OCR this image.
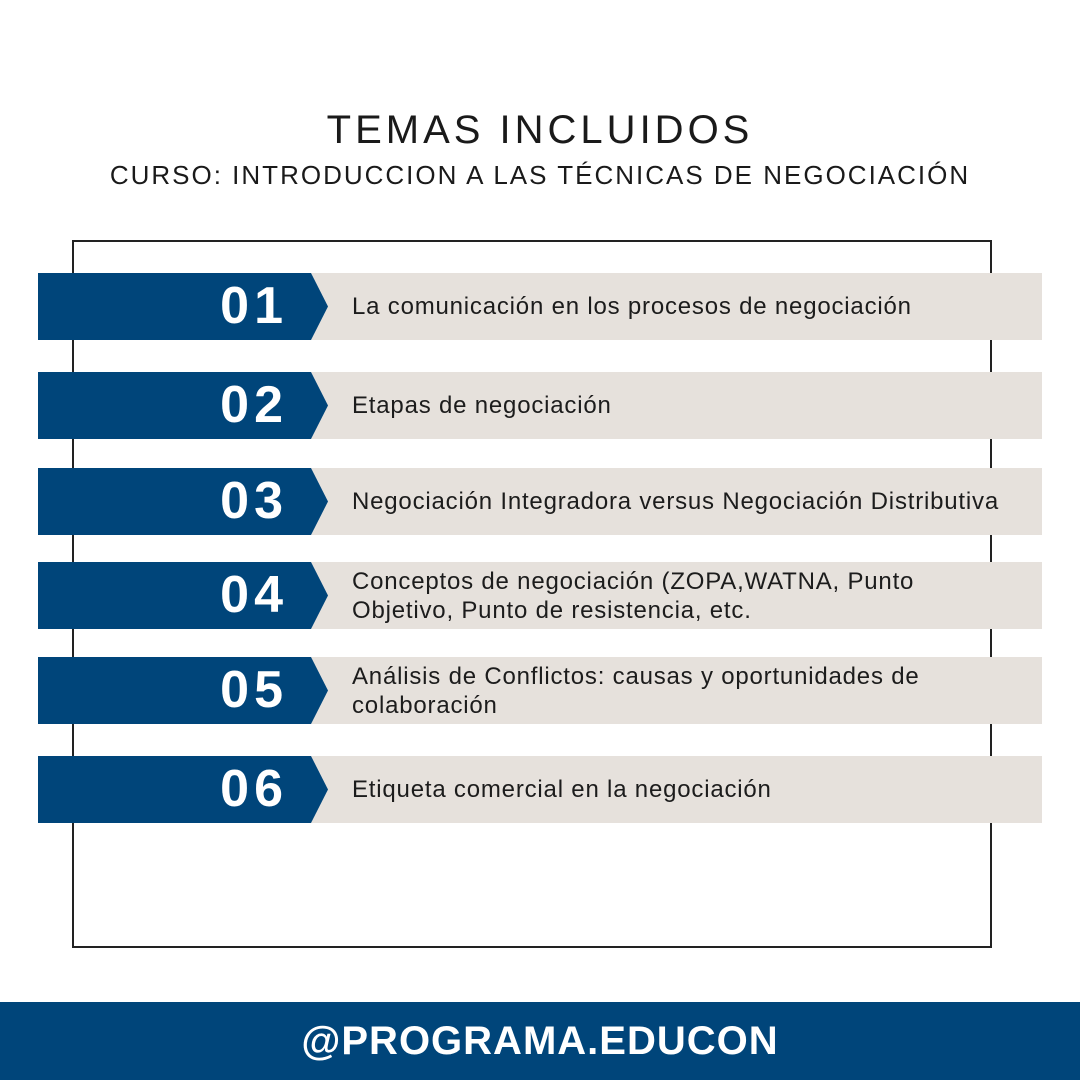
TEMAS INCLUIDOS
CURSO: INTRODUCCION A LAS TÉCNICAS DE NEGOCIACIÓN
01	La comunicación en los procesos de negociación
02	Etapas de negociación
03	Negociación Integradora versus Negociación Distributiva
04	Conceptos de negociación (ZOPA,WATNA, Punto Objetivo, Punto de resistencia, etc.
05	Análisis de Conflictos: causas y oportunidades de colaboración
06	Etiqueta comercial en la negociación
@PROGRAMA.EDUCON
